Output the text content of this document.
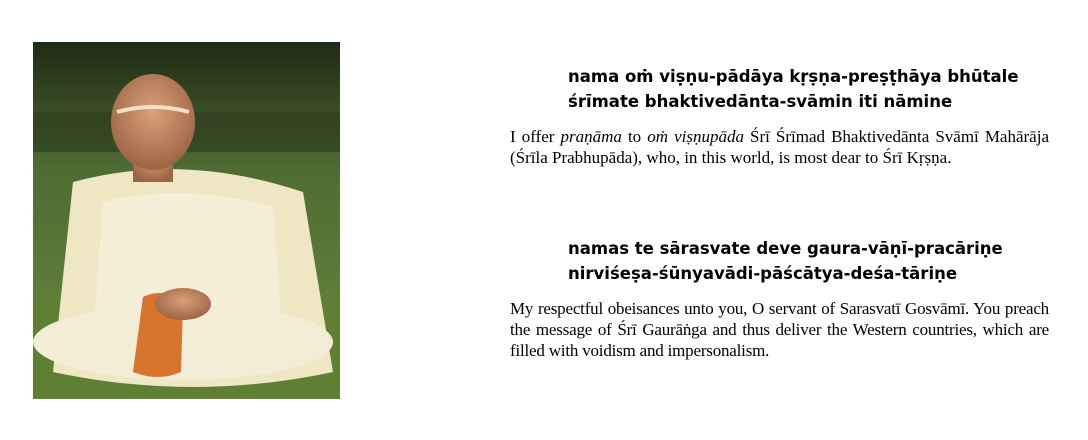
nama oṁ viṣṇu-pādāya kṛṣṇa-preṣṭhāya bhūtale
śrīmate bhaktivedānta-svāmin iti nāmine
I offer praṇāma to oṁ viṣṇupāda Śrī Śrīmad Bhaktivedānta Svāmī Mahārāja (Śrīla Prabhupāda), who, in this world, is most dear to Śrī Kṛṣṇa.
namas te sārasvate deve gaura-vāṇī-pracāriṇe
nirviśeṣa-śūnyavādi-pāścātya-deśa-tāriṇe
My respectful obeisances unto you, O servant of Sarasvatī Gosvāmī. You preach the message of Śrī Gaurāṅga and thus deliver the Western countries, which are filled with voidism and impersonalism.
